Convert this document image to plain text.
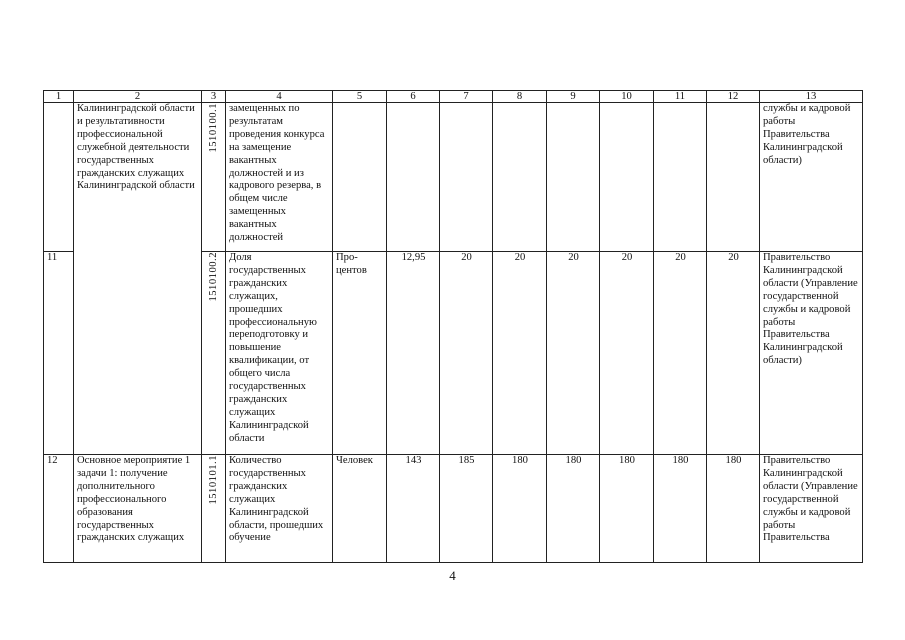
1	2	3	4	5	6	7	8	9	10	11	12	13
	Калининградской области и результативности профессиональной служебной деятельности государственных гражданских служащих Калининградской области	1510100.1	замещенных по результатам проведения конкурса на замещение вакантных должностей и из кадрового резерва, в общем числе замещенных вакантных должностей									службы и кадровой работы Правительства Калининградской области)
11		1510100.2	Доля государственных гражданских служащих, прошедших профессиональную переподготовку и повышение квалификации, от общего числа государственных гражданских служащих Калининградской области	Про-центов	12,95	20	20	20	20	20	20	Правительство Калининградской области (Управление государственной службы и кадровой работы Правительства Калининградской области)
12	Основное мероприятие 1 задачи 1: получение дополнительного профессионального образования государственных гражданских служащих	1510101.1	Количество государственных гражданских служащих Калининградской области, прошедших обучение	Человек	143	185	180	180	180	180	180	Правительство Калининградской области (Управление государственной службы и кадровой работы Правительства
4
